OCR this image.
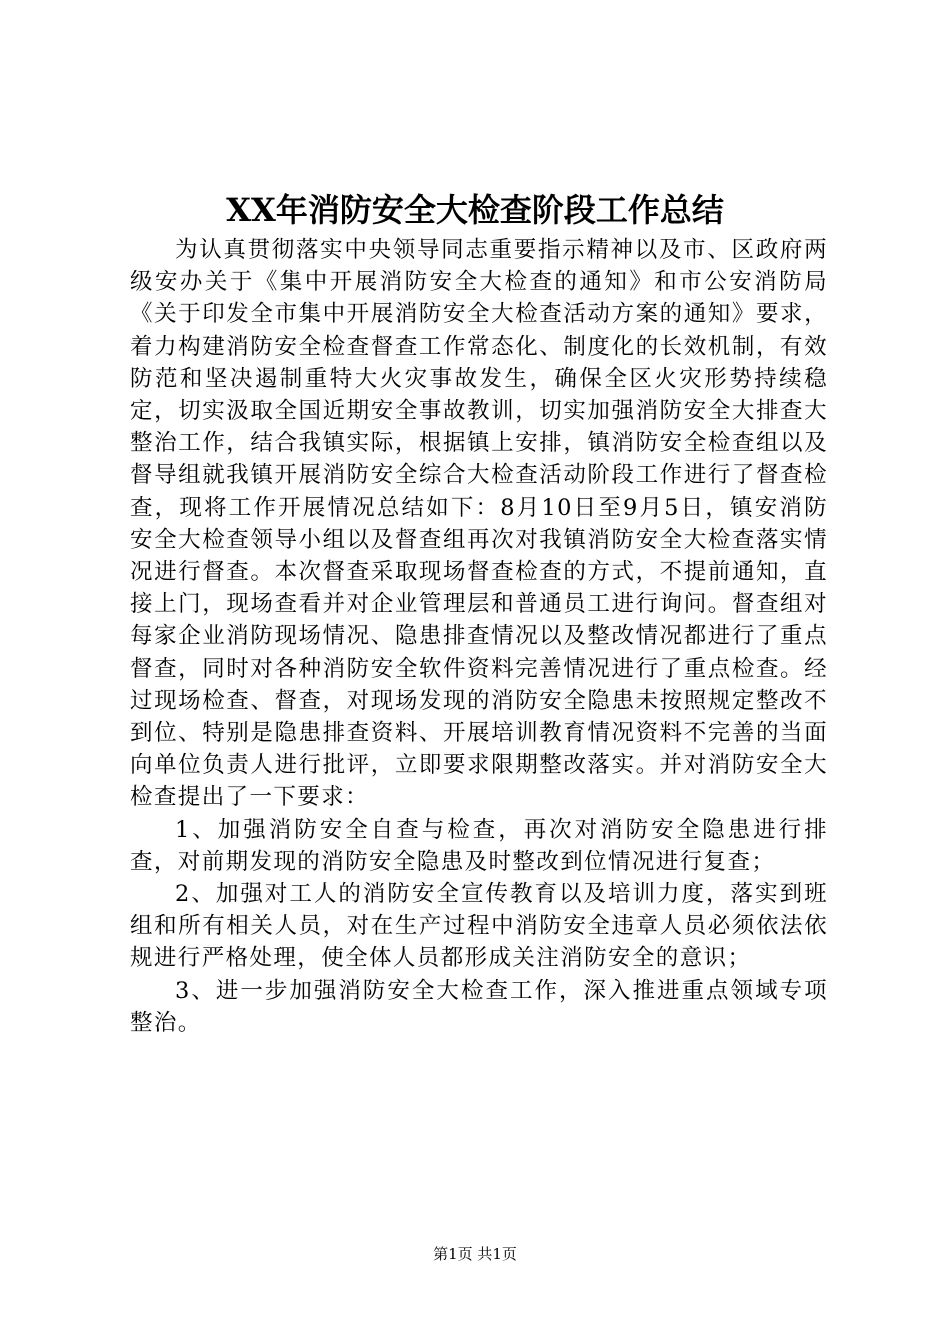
XX年消防安全大检查阶段工作总结

为认真贯彻落实中央领导同志重要指示精神以及市、区政府两级安办关于《集中开展消防安全大检查的通知》和市公安消防局《关于印发全市集中开展消防安全大检查活动方案的通知》要求，着力构建消防安全检查督查工作常态化、制度化的长效机制，有效防范和坚决遏制重特大火灾事故发生，确保全区火灾形势持续稳定，切实汲取全国近期安全事故教训，切实加强消防安全大排查大整治工作，结合我镇实际，根据镇上安排，镇消防安全检查组以及督导组就我镇开展消防安全综合大检查活动阶段工作进行了督查检查，现将工作开展情况总结如下：8月10日至9月5日，镇安消防安全大检查领导小组以及督查组再次对我镇消防安全大检查落实情况进行督查。本次督查采取现场督查检查的方式，不提前通知，直接上门，现场查看并对企业管理层和普通员工进行询问。督查组对每家企业消防现场情况、隐患排查情况以及整改情况都进行了重点督查，同时对各种消防安全软件资料完善情况进行了重点检查。经过现场检查、督查，对现场发现的消防安全隐患未按照规定整改不到位、特别是隐患排查资料、开展培训教育情况资料不完善的当面向单位负责人进行批评，立即要求限期整改落实。并对消防安全大检查提出了一下要求：

1、加强消防安全自查与检查，再次对消防安全隐患进行排查，对前期发现的消防安全隐患及时整改到位情况进行复查；

2、加强对工人的消防安全宣传教育以及培训力度，落实到班组和所有相关人员，对在生产过程中消防安全违章人员必须依法依规进行严格处理，使全体人员都形成关注消防安全的意识；

3、进一步加强消防安全大检查工作，深入推进重点领域专项整治。

第1页 共1页
